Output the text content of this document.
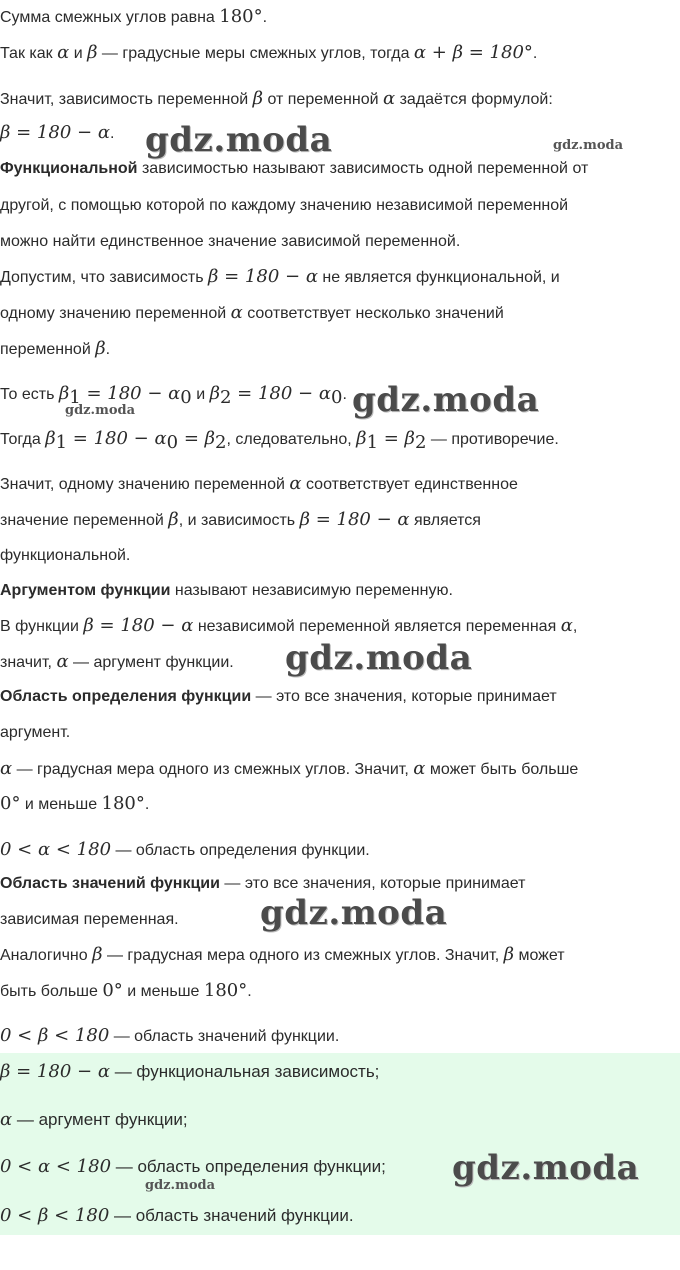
Сумма смежных углов равна 180°.
Так как α и β — градусные меры смежных углов, тогда α + β = 180°.
Значит, зависимость переменной β от переменной α задаётся формулой:
β = 180 − α.
Функциональной зависимостью называют зависимость одной переменной от
другой, с помощью которой по каждому значению независимой переменной
можно найти единственное значение зависимой переменной.
Допустим, что зависимость β = 180 − α не является функциональной, и
одному значению переменной α соответствует несколько значений
переменной β.
То есть $\beta_1 = 180 - \alpha_0$ и $\beta_2 = 180 - \alpha_0$.
Тогда $\beta_1 = 180 - \alpha_0 = \beta_2$, следовательно, $\beta_1 = \beta_2$ — противоречие.
Значит, одному значению переменной α соответствует единственное
значение переменной β, и зависимость β = 180 − α является
функциональной.
Аргументом функции называют независимую переменную.
В функции β = 180 − α независимой переменной является переменная α,
значит, α — аргумент функции.
Область определения функции — это все значения, которые принимает
аргумент.
α — градусная мера одного из смежных углов. Значит, α может быть больше
0° и меньше 180°.
0 < α < 180 — область определения функции.
Область значений функции — это все значения, которые принимает
зависимая переменная.
Аналогично β — градусная мера одного из смежных углов. Значит, β может
быть больше 0° и меньше 180°.
0 < β < 180 — область значений функции.
β = 180 − α — функциональная зависимость;
α — аргумент функции;
0 < α < 180 — область определения функции;
0 < β < 180 — область значений функции.
gdz.moda	gdz.moda
gdz.moda
gdz.moda
gdz.moda
gdz.moda
gdz.moda
gdz.moda
